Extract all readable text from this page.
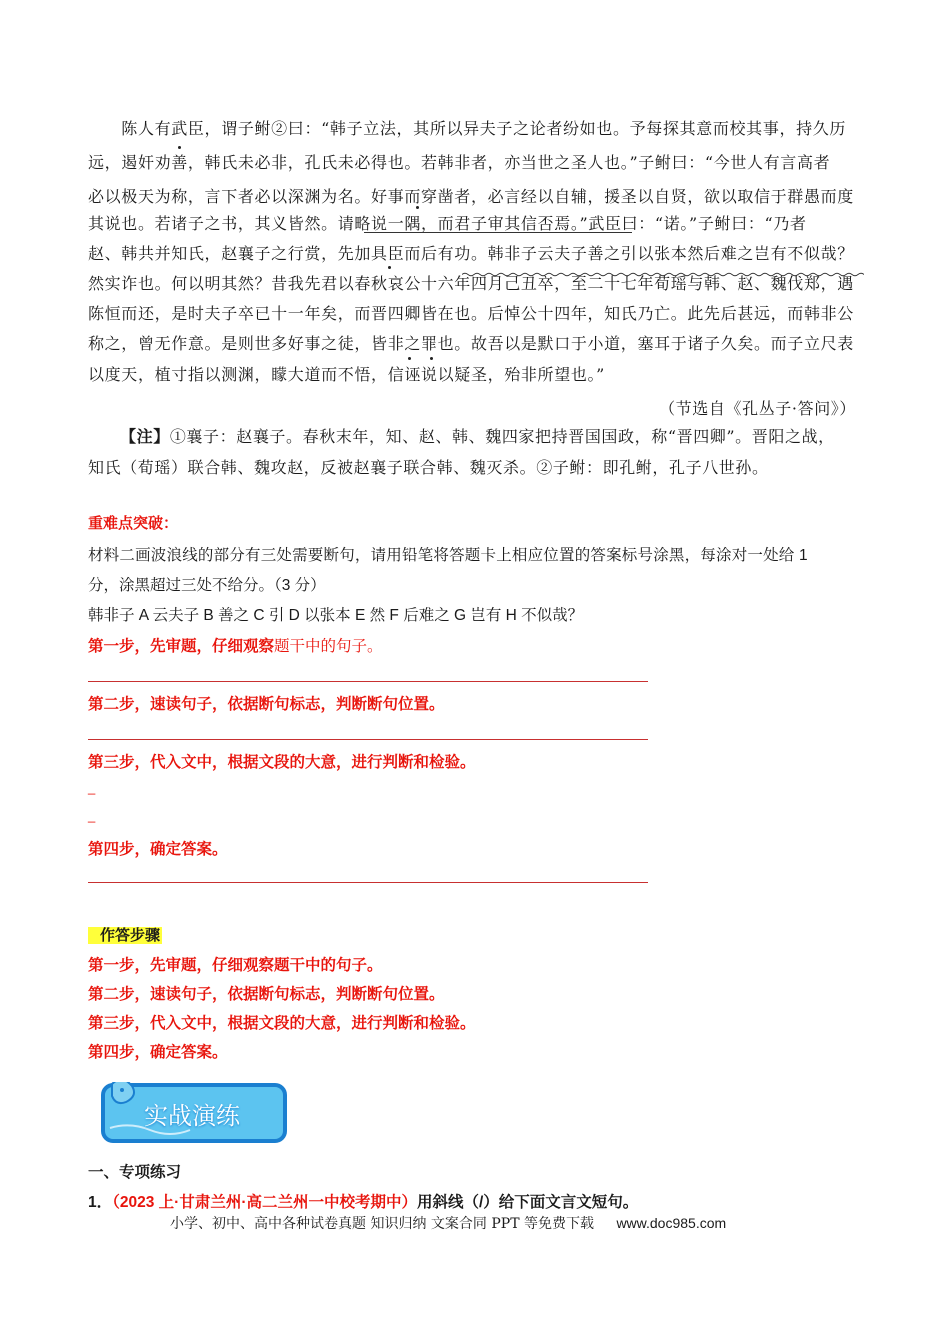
　　陈人有武臣，谓子鲋②曰：“韩子立法，其所以异夫子之论者纷如也。予每探其意而校其事，持久历
远，遏奸劝善，韩氏未必非，孔氏未必得也。若韩非者，亦当世之圣人也。”子鲋曰：“今世人有言高者
必以极天为称，言下者必以深渊为名。好事而穿凿者，必言经以自辅，援圣以自贤，欲以取信于群愚而度
其说也。若诸子之书，其义皆然。请略说一隅，而君子审其信否焉。”武臣曰：“诺。”子鲋曰：“乃者
赵、韩共并知氏，赵襄子之行赏，先加具臣而后有功。韩非子云夫子善之引以张本然后难之岂有不似哉？
然实诈也。何以明其然？昔我先君以春秋哀公十六年四月己丑卒，至二十七年荀瑶与韩、赵、魏伐郑，遇
陈恒而还，是时夫子卒已十一年矣，而晋四卿皆在也。后悼公十四年，知氏乃亡。此先后甚远，而韩非公
称之，曾无作意。是则世多好事之徒，皆非之罪也。故吾以是默口于小道，塞耳于诸子久矣。而子立尺表
以度天，植寸指以测渊，矇大道而不悟，信诬说以疑圣，殆非所望也。”
（节选自《孔丛子·答问》）
【注】①襄子：赵襄子。春秋末年，知、赵、韩、魏四家把持晋国国政，称“晋四卿”。晋阳之战，
知氏（荀瑶）联合韩、魏攻赵，反被赵襄子联合韩、魏灭杀。②子鲋：即孔鲋，孔子八世孙。
重难点突破：
材料二画波浪线的部分有三处需要断句，请用铅笔将答题卡上相应位置的答案标号涂黑，每涂对一处给 1
分，涂黑超过三处不给分。（3 分）
韩非子 A 云夫子 B 善之 C 引 D 以张本 E 然 F 后难之 G 岂有 H 不似哉？
第一步，先审题，仔细观察题干中的句子。
第二步，速读句子，依据断句标志，判断断句位置。
第三步，代入文中，根据文段的大意，进行判断和检验。
_
_
第四步，确定答案。
作答步骤
第一步，先审题，仔细观察题干中的句子。
第二步，速读句子，依据断句标志，判断断句位置。
第三步，代入文中，根据文段的大意，进行判断和检验。
第四步，确定答案。
实战演练
一、专项练习
1．（2023 上·甘肃兰州·高二兰州一中校考期中）用斜线（/）给下面文言文短句。
小学、初中、高中各种试卷真题 知识归纳 文案合同 PPT 等免费下载 www.doc985.com
